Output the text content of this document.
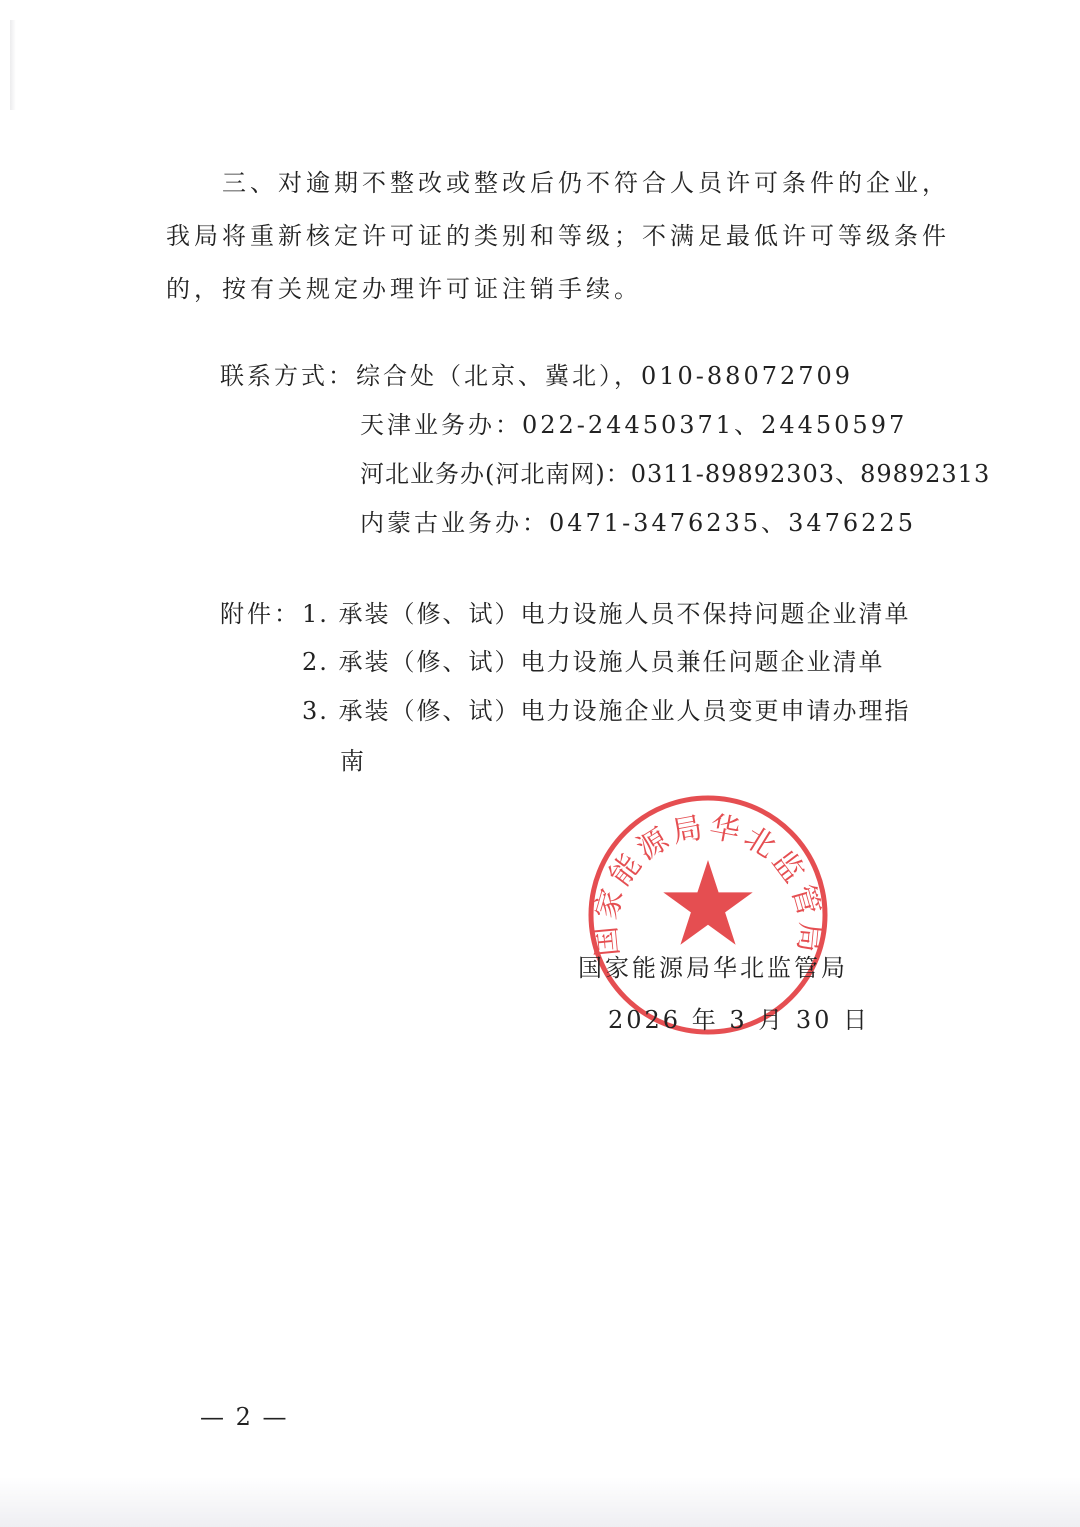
三、对逾期不整改或整改后仍不符合人员许可条件的企业，我局将重新核定许可证的类别和等级；不满足最低许可等级条件的，按有关规定办理许可证注销手续。
联系方式： 综合处（北京、冀北），010-88072709
天津业务办：022-24450371、24450597
河北业务办(河北南网)：0311-89892303、89892313
内蒙古业务办：0471-3476235、3476225
附件： 1. 承装（修、试）电力设施人员不保持问题企业清单
2. 承装（修、试）电力设施人员兼任问题企业清单
3. 承装（修、试）电力设施企业人员变更申请办理指
南
国家能源局华北监管局
国家能源局华北监管局
2026 年 3 月 30 日
— 2 —
